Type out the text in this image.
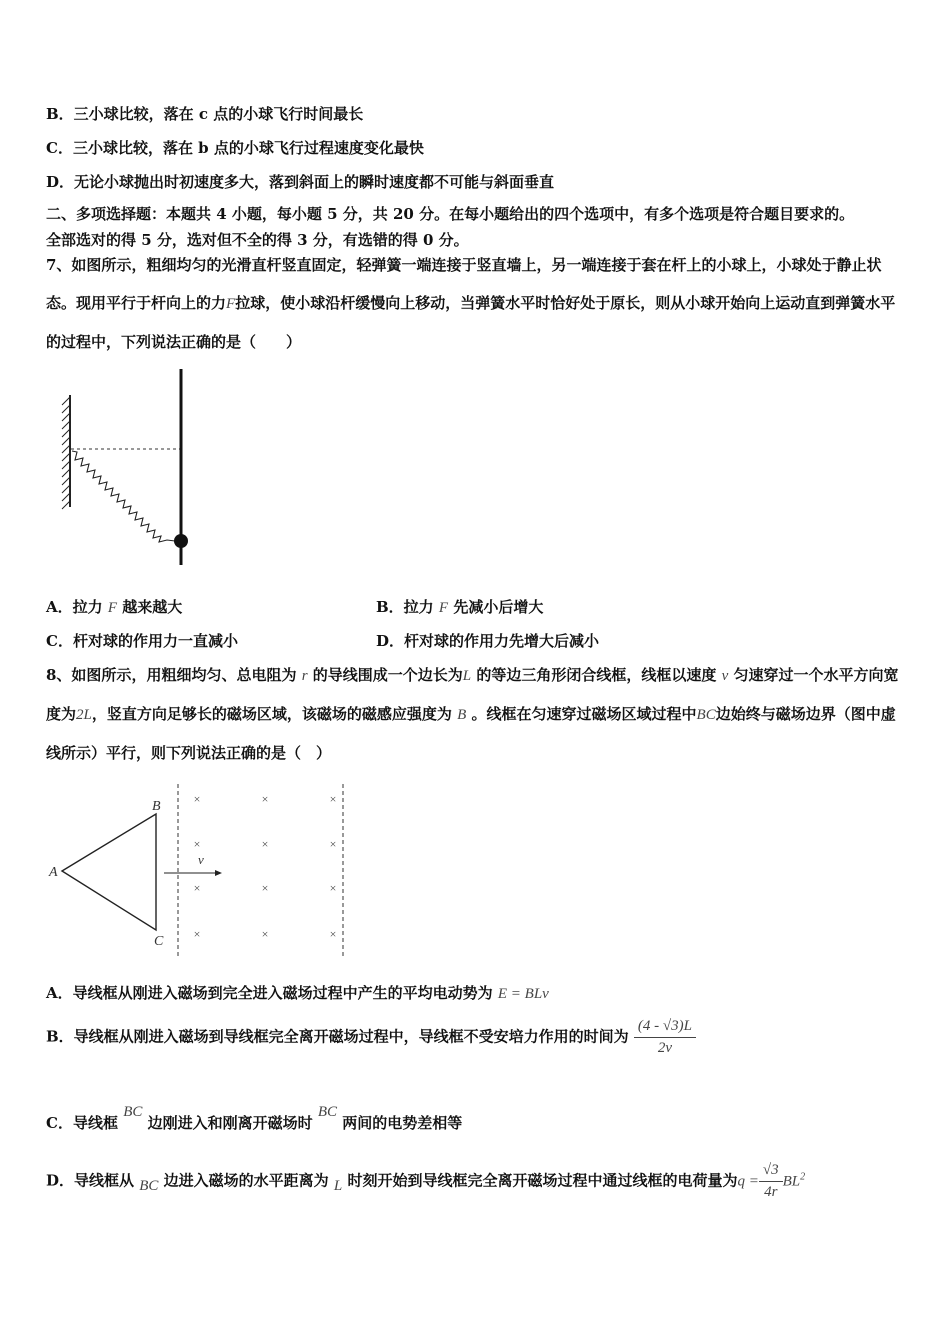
B．三小球比较，落在 c 点的小球飞行时间最长
C．三小球比较，落在 b 点的小球飞行过程速度变化最快
D．无论小球抛出时初速度多大，落到斜面上的瞬时速度都不可能与斜面垂直
二、多项选择题：本题共 4 小题，每小题 5 分，共 20 分。在每小题给出的四个选项中，有多个选项是符合题目要求的。
全部选对的得 5 分，选对但不全的得 3 分，有选错的得 0 分。
7、如图所示，粗细均匀的光滑直杆竖直固定，轻弹簧一端连接于竖直墙上，另一端连接于套在杆上的小球上，小球处于静止状态。现用平行于杆向上的力F拉球，使小球沿杆缓慢向上移动，当弹簧水平时恰好处于原长，则从小球开始向上运动直到弹簧水平的过程中，下列说法正确的是（　　）
A．拉力 F 越来越大	B．拉力 F 先减小后增大
C．杆对球的作用力一直减小	D．杆对球的作用力先增大后减小
8、如图所示，用粗细均匀、总电阻为 r 的导线围成一个边长为L 的等边三角形闭合线框，线框以速度 v 匀速穿过一个水平方向宽度为2L，竖直方向足够长的磁场区域，该磁场的磁感应强度为 B 。线框在匀速穿过磁场区域过程中BC边始终与磁场边界（图中虚线所示）平行，则下列说法正确的是（　）
A
B
C
v
×	×	×
×	×	×
×	×	×
×	×	×
A．导线框从刚进入磁场到完全进入磁场过程中产生的平均电动势为 E = BLv
B．导线框从刚进入磁场到导线框完全离开磁场过程中，导线框不受安培力作用的时间为 $\frac{(4 - √3)L}{2v}$
C．导线框 BC 边刚进入和刚离开磁场时 BC 两间的电势差相等
D．导线框从 BC 边进入磁场的水平距离为 L 时刻开始到导线框完全离开磁场过程中通过线框的电荷量为$q = \frac{√3}{4r} BL^2$
